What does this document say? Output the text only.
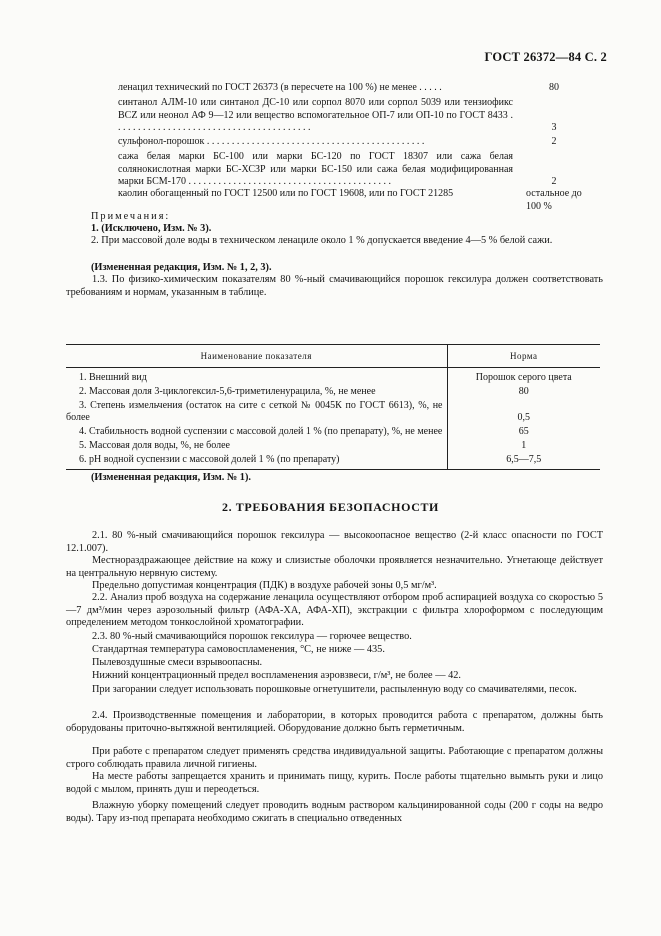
ГОСТ 26372—84 С. 2
ленацил технический по ГОСТ 26373 (в пересчете на 100 %) не менее . . . . .	80
синтанол АЛМ-10 или синтанол ДС-10 или сорпол 8070 или сорпол 5039 или тензиофикс BCZ или неонол АФ 9—12 или вещество вспомогательное ОП-7 или ОП-10 по ГОСТ 8433 . . . . . . . . . . . . . . . . . . . . . . . . . . . . . . . . . . . . . . . .	3
сульфонол-порошок . . . . . . . . . . . . . . . . . . . . . . . . . . . . . . . . . . . . . . . . . . . .	2
сажа белая марки БС-100 или марки БС-120 по ГОСТ 18307 или сажа белая солянокислотная марки БС-ХСЗР или марки БС-150 или сажа белая модифицированная марки БСМ-170 . . . . . . . . . . . . . . . . . . . . . . . . . . . . . . . . . . . . . . . . .	2
каолин обогащенный по ГОСТ 12500 или по ГОСТ 19608, или по ГОСТ 21285	остальное до 100 %
Примечания:
1. (Исключено, Изм. № 3).
2. При массовой доле воды в техническом ленациле около 1 % допускается введение 4—5 % белой сажи.
(Измененная редакция, Изм. № 1, 2, 3).
1.3. По физико-химическим показателям 80 %-ный смачивающийся порошок гексилура должен соответствовать требованиям и нормам, указанным в таблице.
Наименование показателя	Норма
1. Внешний вид	Порошок серого цвета
2. Массовая доля 3-циклогексил-5,6-триметиленурацила, %, не менее	80
3. Степень измельчения (остаток на сите с сеткой № 0045К по ГОСТ 6613), %, не более	0,5
4. Стабильность водной суспензии с массовой долей 1 % (по препарату), %, не менее	65
5. Массовая доля воды, %, не более	1
6. pH водной суспензии с массовой долей 1 % (по препарату)	6,5—7,5
(Измененная редакция, Изм. № 1).
2. ТРЕБОВАНИЯ БЕЗОПАСНОСТИ
2.1. 80 %-ный смачивающийся порошок гексилура — высокоопасное вещество (2-й класс опасности по ГОСТ 12.1.007).
Местнораздражающее действие на кожу и слизистые оболочки проявляется незначительно. Угнетающе действует на центральную нервную систему.
Предельно допустимая концентрация (ПДК) в воздухе рабочей зоны 0,5 мг/м³.
2.2. Анализ проб воздуха на содержание ленацила осуществляют отбором проб аспирацией воздуха со скоростью 5—7 дм³/мин через аэрозольный фильтр (АФА-ХА, АФА-ХП), экстракции с фильтра хлороформом с последующим определением методом тонкослойной хроматографии.
2.3. 80 %-ный смачивающийся порошок гексилура — горючее вещество.
Стандартная температура самовоспламенения, °С, не ниже — 435.
Пылевоздушные смеси взрывоопасны.
Нижний концентрационный предел воспламенения аэровзвеси, г/м³, не более — 42.
При загорании следует использовать порошковые огнетушители, распыленную воду со смачивателями, песок.
2.4. Производственные помещения и лаборатории, в которых проводится работа с препаратом, должны быть оборудованы приточно-вытяжной вентиляцией. Оборудование должно быть герметичным.
При работе с препаратом следует применять средства индивидуальной защиты. Работающие с препаратом должны строго соблюдать правила личной гигиены.
На месте работы запрещается хранить и принимать пищу, курить. После работы тщательно вымыть руки и лицо водой с мылом, принять душ и переодеться.
Влажную уборку помещений следует проводить водным раствором кальцинированной соды (200 г соды на ведро воды). Тару из-под препарата необходимо сжигать в специально отведенных
